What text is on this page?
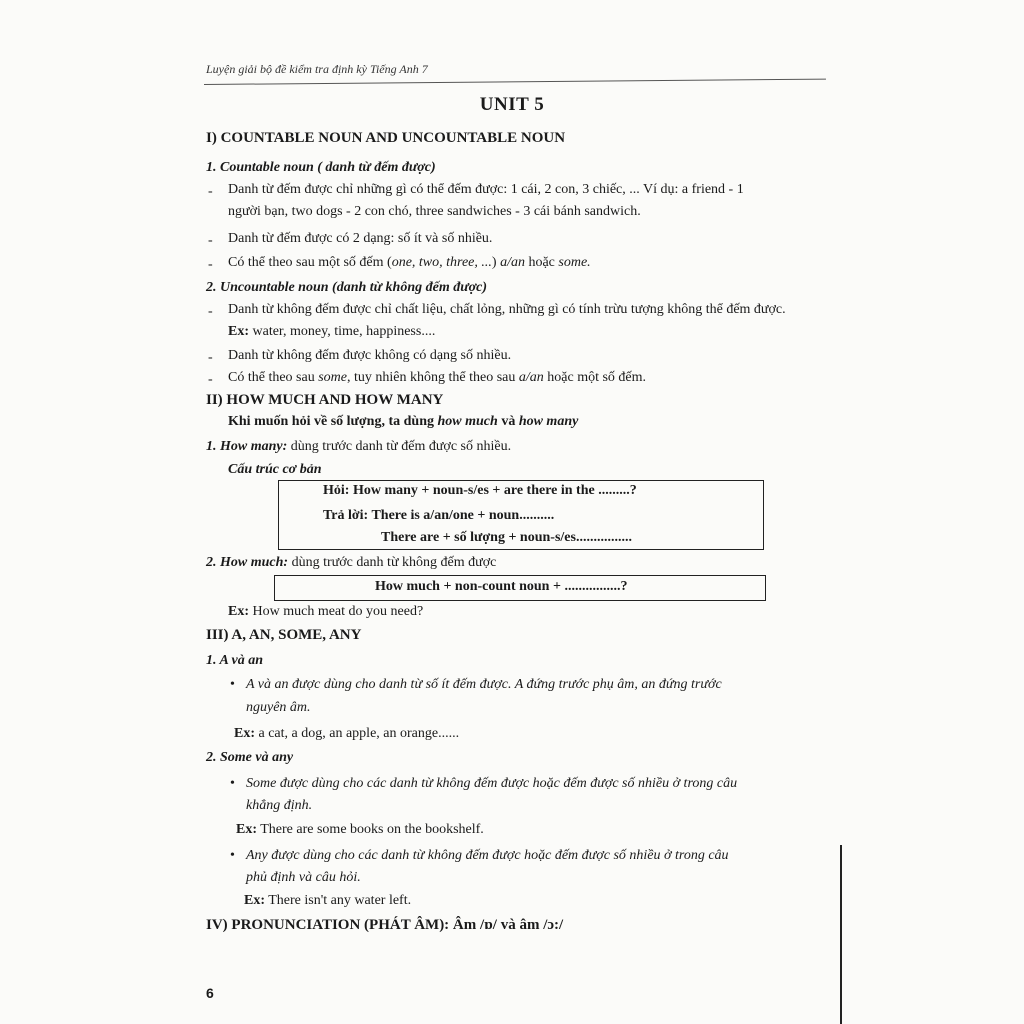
Luyện giải bộ đề kiểm tra định kỳ Tiếng Anh 7
UNIT 5
I) COUNTABLE NOUN AND UNCOUNTABLE NOUN
1. Countable noun ( danh từ đếm được)
- Danh từ đếm được chỉ những gì có thể đếm được: 1 cái, 2 con, 3 chiếc, ... Ví dụ: a friend - 1
người bạn, two dogs - 2 con chó, three sandwiches - 3 cái bánh sandwich.
- Danh từ đếm được có 2 dạng: số ít và số nhiều.
- Có thể theo sau một số đếm (one, two, three, ...) a/an hoặc some.
2. Uncountable noun (danh từ không đếm được)
- Danh từ không đếm được chỉ chất liệu, chất lỏng, những gì có tính trừu tượng không thể đếm được.
Ex: water, money, time, happiness....
- Danh từ không đếm được không có dạng số nhiều.
- Có thể theo sau some, tuy nhiên không thể theo sau a/an hoặc một số đếm.
II) HOW MUCH AND HOW MANY
Khi muốn hỏi về số lượng, ta dùng how much và how many
1. How many: dùng trước danh từ đếm được số nhiều.
Cấu trúc cơ bản
Hỏi: How many + noun-s/es + are there in the .........?
Trả lời: There is a/an/one + noun..........
There are + số lượng + noun-s/es................
2. How much: dùng trước danh từ không đếm được
How much + non-count noun + ................?
Ex: How much meat do you need?
III) A, AN, SOME, ANY
1. A và an
• A và an được dùng cho danh từ số ít đếm được. A đứng trước phụ âm, an đứng trước
nguyên âm.
Ex: a cat, a dog, an apple, an orange......
2. Some và any
• Some được dùng cho các danh từ không đếm được hoặc đếm được số nhiều ở trong câu
khẳng định.
Ex: There are some books on the bookshelf.
• Any được dùng cho các danh từ không đếm được hoặc đếm được số nhiều ở trong câu
phủ định và câu hỏi.
Ex: There isn't any water left.
IV) PRONUNCIATION (PHÁT ÂM): Âm /ɒ/ và âm /ɔ:/
6
